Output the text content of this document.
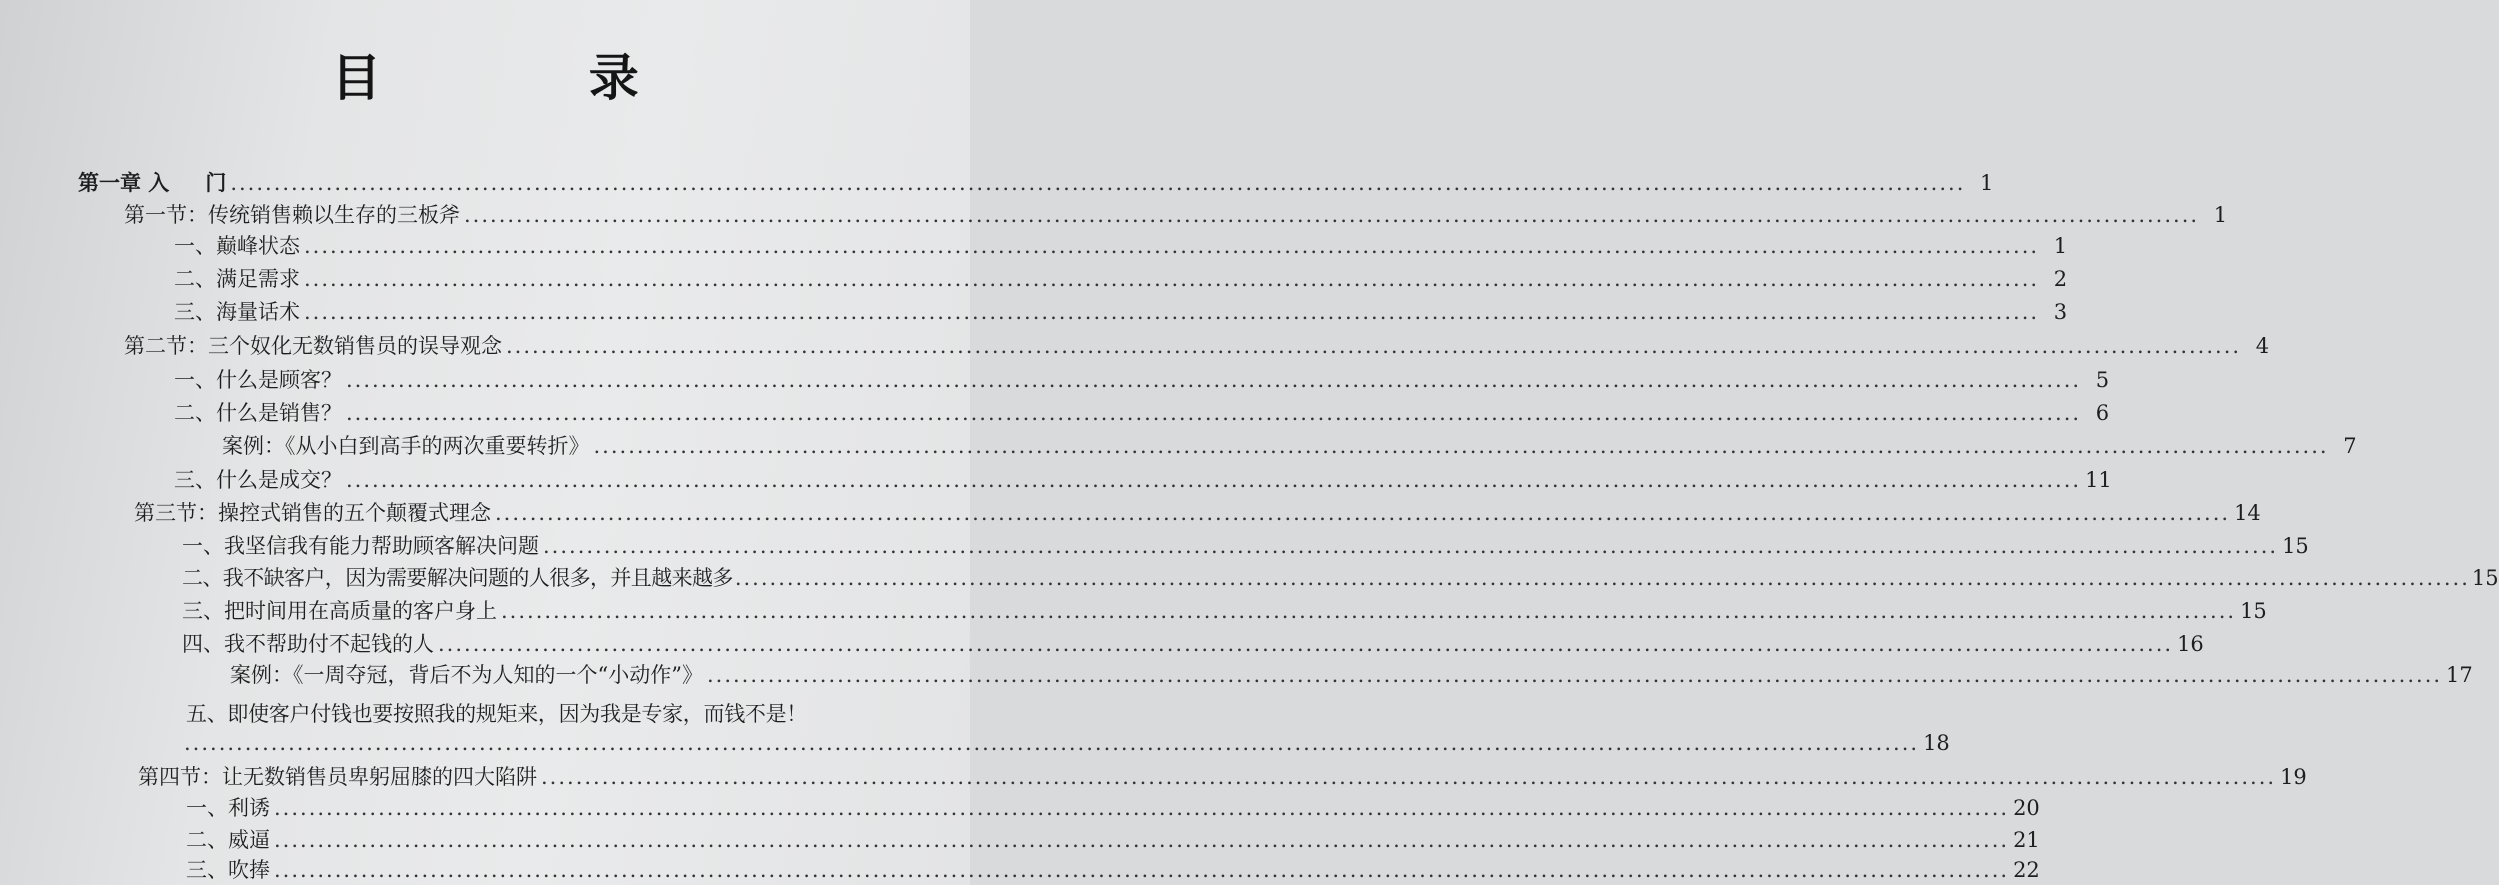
目 录
第一章 入 门 ........................................................................................................................................................................................................ 1
第一节：传统销售赖以生存的三板斧 ........................................................................................................................................................................................................ 1
一、巅峰状态 ........................................................................................................................................................................................................ 1
二、满足需求 ........................................................................................................................................................................................................ 2
三、海量话术 ........................................................................................................................................................................................................ 3
第二节：三个奴化无数销售员的误导观念 ........................................................................................................................................................................................................ 4
一、什么是顾客？ ........................................................................................................................................................................................................ 5
二、什么是销售？ ........................................................................................................................................................................................................ 6
案例：《从小白到高手的两次重要转折》 ........................................................................................................................................................................................................ 7
三、什么是成交？ ........................................................................................................................................................................................................ 11
第三节：操控式销售的五个颠覆式理念 ........................................................................................................................................................................................................ 14
一、我坚信我有能力帮助顾客解决问题 ........................................................................................................................................................................................................ 15
二、我不缺客户，因为需要解决问题的人很多，并且越来越多 ........................................................................................................................................................................................................ 15
三、把时间用在高质量的客户身上 ........................................................................................................................................................................................................ 15
四、我不帮助付不起钱的人 ........................................................................................................................................................................................................ 16
案例：《一周夺冠，背后不为人知的一个“小动作”》 ........................................................................................................................................................................................................ 17
五、即使客户付钱也要按照我的规矩来，因为我是专家，而钱不是！
........................................................................................................................................................................................................ 18
第四节：让无数销售员卑躬屈膝的四大陷阱 ........................................................................................................................................................................................................ 19
一、利诱 ........................................................................................................................................................................................................ 20
二、威逼 ........................................................................................................................................................................................................ 21
三、吹捧 ........................................................................................................................................................................................................ 22
